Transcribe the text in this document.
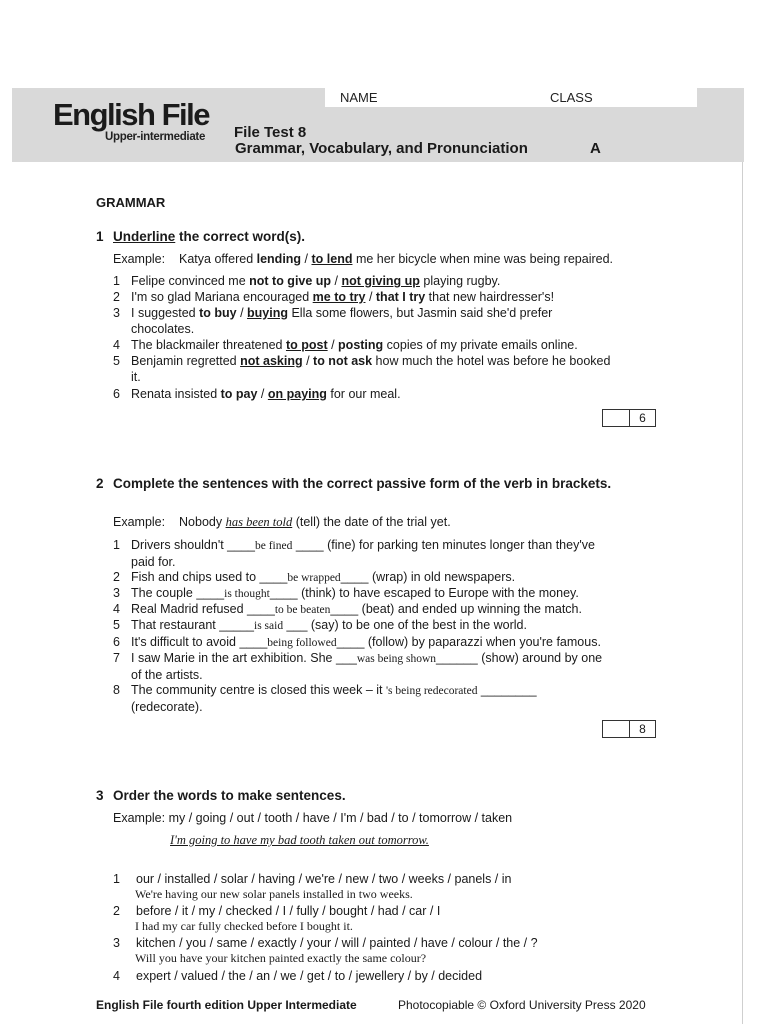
NAME	CLASS
English File
Upper-intermediate File Test 8
Grammar, Vocabulary, and Pronunciation	A
GRAMMAR
1 Underline the correct word(s).
Example: Katya offered lending / to lend me her bicycle when mine was being repaired.
1 Felipe convinced me not to give up / not giving up playing rugby.
2 I'm so glad Mariana encouraged me to try / that I try that new hairdresser's!
3 I suggested to buy / buying Ella some flowers, but Jasmin said she'd prefer
chocolates.
4 The blackmailer threatened to post / posting copies of my private emails online.
5 Benjamin regretted not asking / to not ask how much the hotel was before he booked
it.
6 Renata insisted to pay / on paying for our meal.
6
2 Complete the sentences with the correct passive form of the verb in brackets.
Example: Nobody has been told (tell) the date of the trial yet.
1 Drivers shouldn't ____be fined ____ (fine) for parking ten minutes longer than they've
paid for.
2 Fish and chips used to ____be wrapped____ (wrap) in old newspapers.
3 The couple ____is thought____ (think) to have escaped to Europe with the money.
4 Real Madrid refused ____to be beaten____ (beat) and ended up winning the match.
5 That restaurant _____is said ___ (say) to be one of the best in the world.
6 It's difficult to avoid ____being followed____ (follow) by paparazzi when you're famous.
7 I saw Marie in the art exhibition. She ___was being shown______ (show) around by one
of the artists.
8 The community centre is closed this week – it 's being redecorated ________
(redecorate).
8
3 Order the words to make sentences.
Example: my / going / out / tooth / have / I'm / bad / to / tomorrow / taken
I'm going to have my bad tooth taken out tomorrow.
1	our / installed / solar / having / we're / new / two / weeks / panels / in
We're having our new solar panels installed in two weeks.
2	before / it / my / checked / I / fully / bought / had / car / I
I had my car fully checked before I bought it.
3	kitchen / you / same / exactly / your / will / painted / have / colour / the / ?
Will you have your kitchen painted exactly the same colour?
4	expert / valued / the / an / we / get / to / jewellery / by / decided
English File fourth edition Upper Intermediate	Photocopiable © Oxford University Press 2020
